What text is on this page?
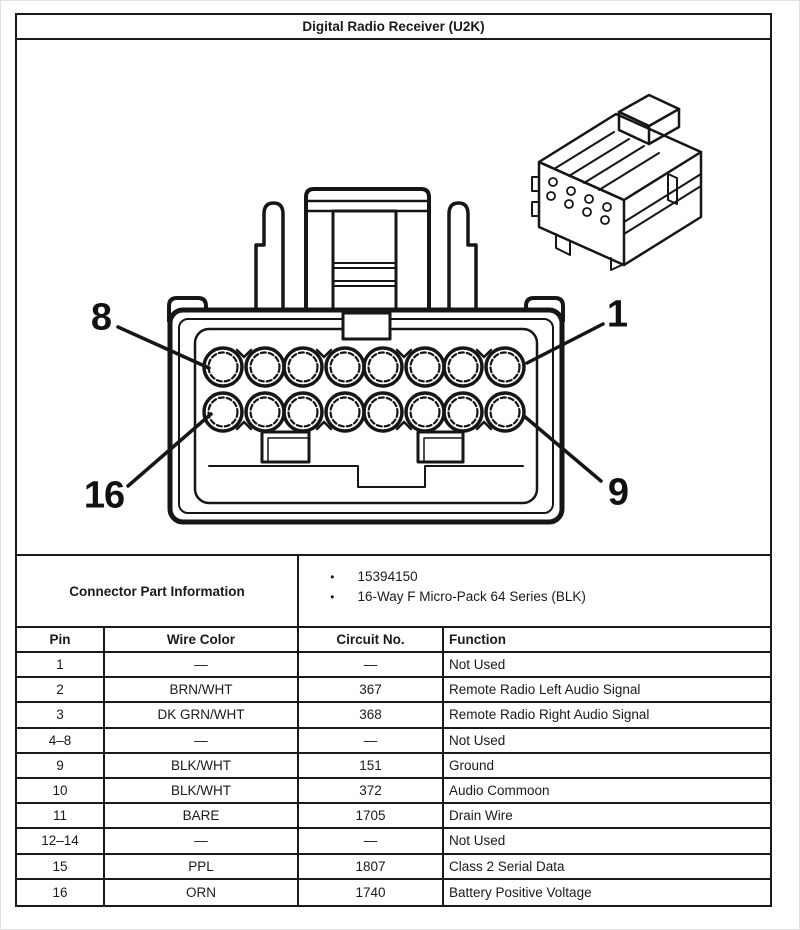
Digital Radio Receiver (U2K)
8	1
16	9
Connector Part Information
● 15394150
● 16-Way F Micro-Pack 64 Series (BLK)
Pin	Wire Color	Circuit No.	Function
1	—	—	Not Used
2	BRN/WHT	367	Remote Radio Left Audio Signal
3	DK GRN/WHT	368	Remote Radio Right Audio Signal
4–8	—	—	Not Used
9	BLK/WHT	151	Ground
10	BLK/WHT	372	Audio Commoon
11	BARE	1705	Drain Wire
12–14	—	—	Not Used
15	PPL	1807	Class 2 Serial Data
16	ORN	1740	Battery Positive Voltage
